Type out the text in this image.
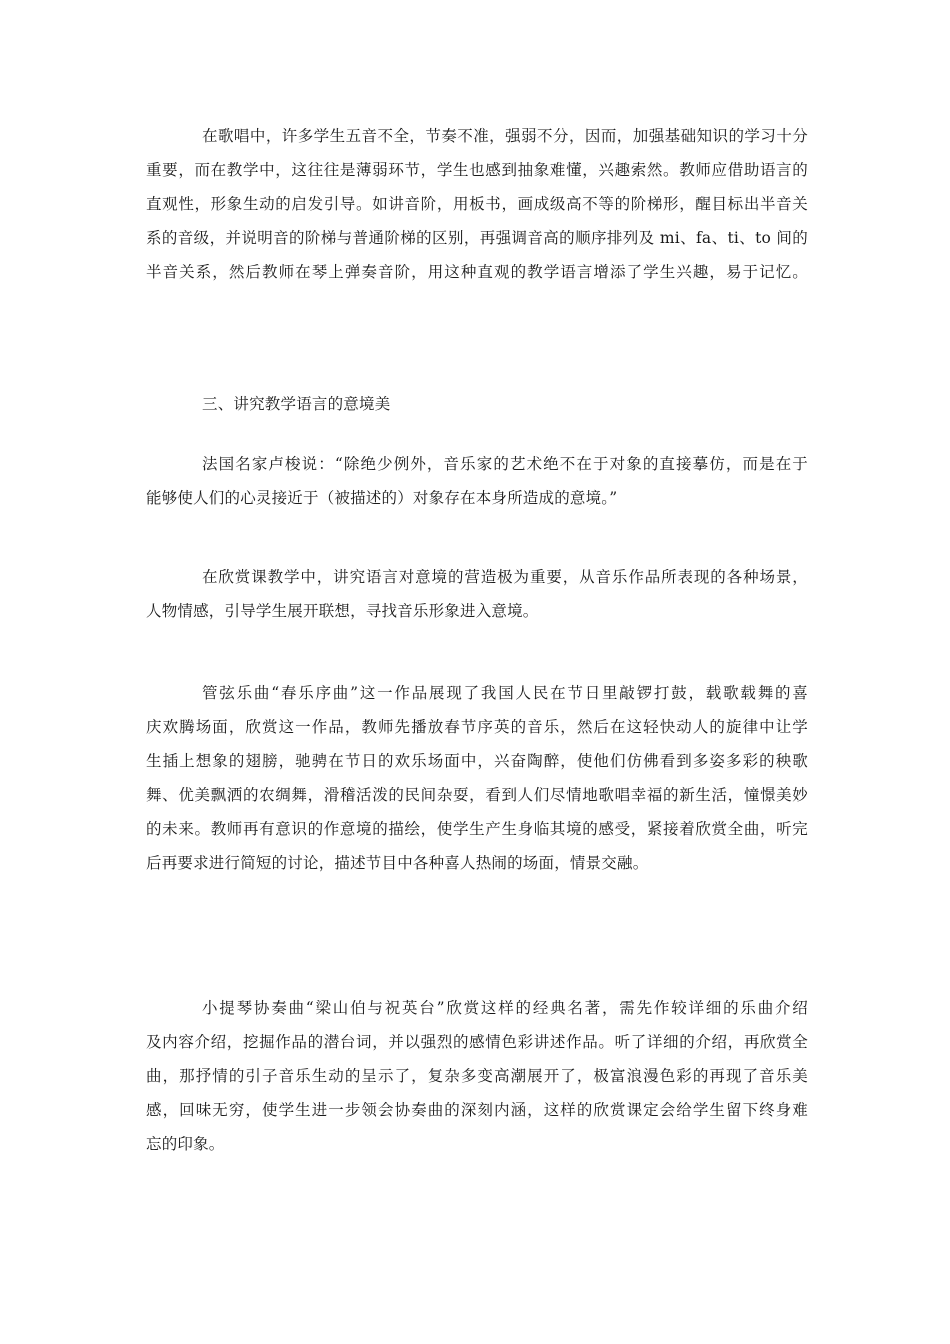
在歌唱中，许多学生五音不全，节奏不准，强弱不分，因而，加强基础知识的学习十分
重要，而在教学中，这往往是薄弱环节，学生也感到抽象难懂，兴趣索然。教师应借助语言的
直观性，形象生动的启发引导。如讲音阶，用板书，画成级高不等的阶梯形，醒目标出半音关
系的音级，并说明音的阶梯与普通阶梯的区别，再强调音高的顺序排列及 mi、fa、ti、to 间的
半音关系，然后教师在琴上弹奏音阶，用这种直观的教学语言增添了学生兴趣，易于记忆。
三、讲究教学语言的意境美
法国名家卢梭说：“除绝少例外，音乐家的艺术绝不在于对象的直接摹仿，而是在于
能够使人们的心灵接近于（被描述的）对象存在本身所造成的意境。”
在欣赏课教学中，讲究语言对意境的营造极为重要，从音乐作品所表现的各种场景，
人物情感，引导学生展开联想，寻找音乐形象进入意境。
管弦乐曲“春乐序曲”这一作品展现了我国人民在节日里敲锣打鼓，载歌载舞的喜
庆欢腾场面，欣赏这一作品，教师先播放春节序英的音乐，然后在这轻快动人的旋律中让学
生插上想象的翅膀，驰骋在节日的欢乐场面中，兴奋陶醉，使他们仿佛看到多姿多彩的秧歌
舞、优美飘洒的农绸舞，滑稽活泼的民间杂耍，看到人们尽情地歌唱幸福的新生活，憧憬美妙
的未来。教师再有意识的作意境的描绘，使学生产生身临其境的感受，紧接着欣赏全曲，听完
后再要求进行简短的讨论，描述节目中各种喜人热闹的场面，情景交融。
小提琴协奏曲“梁山伯与祝英台”欣赏这样的经典名著，需先作较详细的乐曲介绍
及内容介绍，挖掘作品的潜台词，并以强烈的感情色彩讲述作品。听了详细的介绍，再欣赏全
曲，那抒情的引子音乐生动的呈示了，复杂多变高潮展开了，极富浪漫色彩的再现了音乐美
感，回味无穷，使学生进一步领会协奏曲的深刻内涵，这样的欣赏课定会给学生留下终身难
忘的印象。
